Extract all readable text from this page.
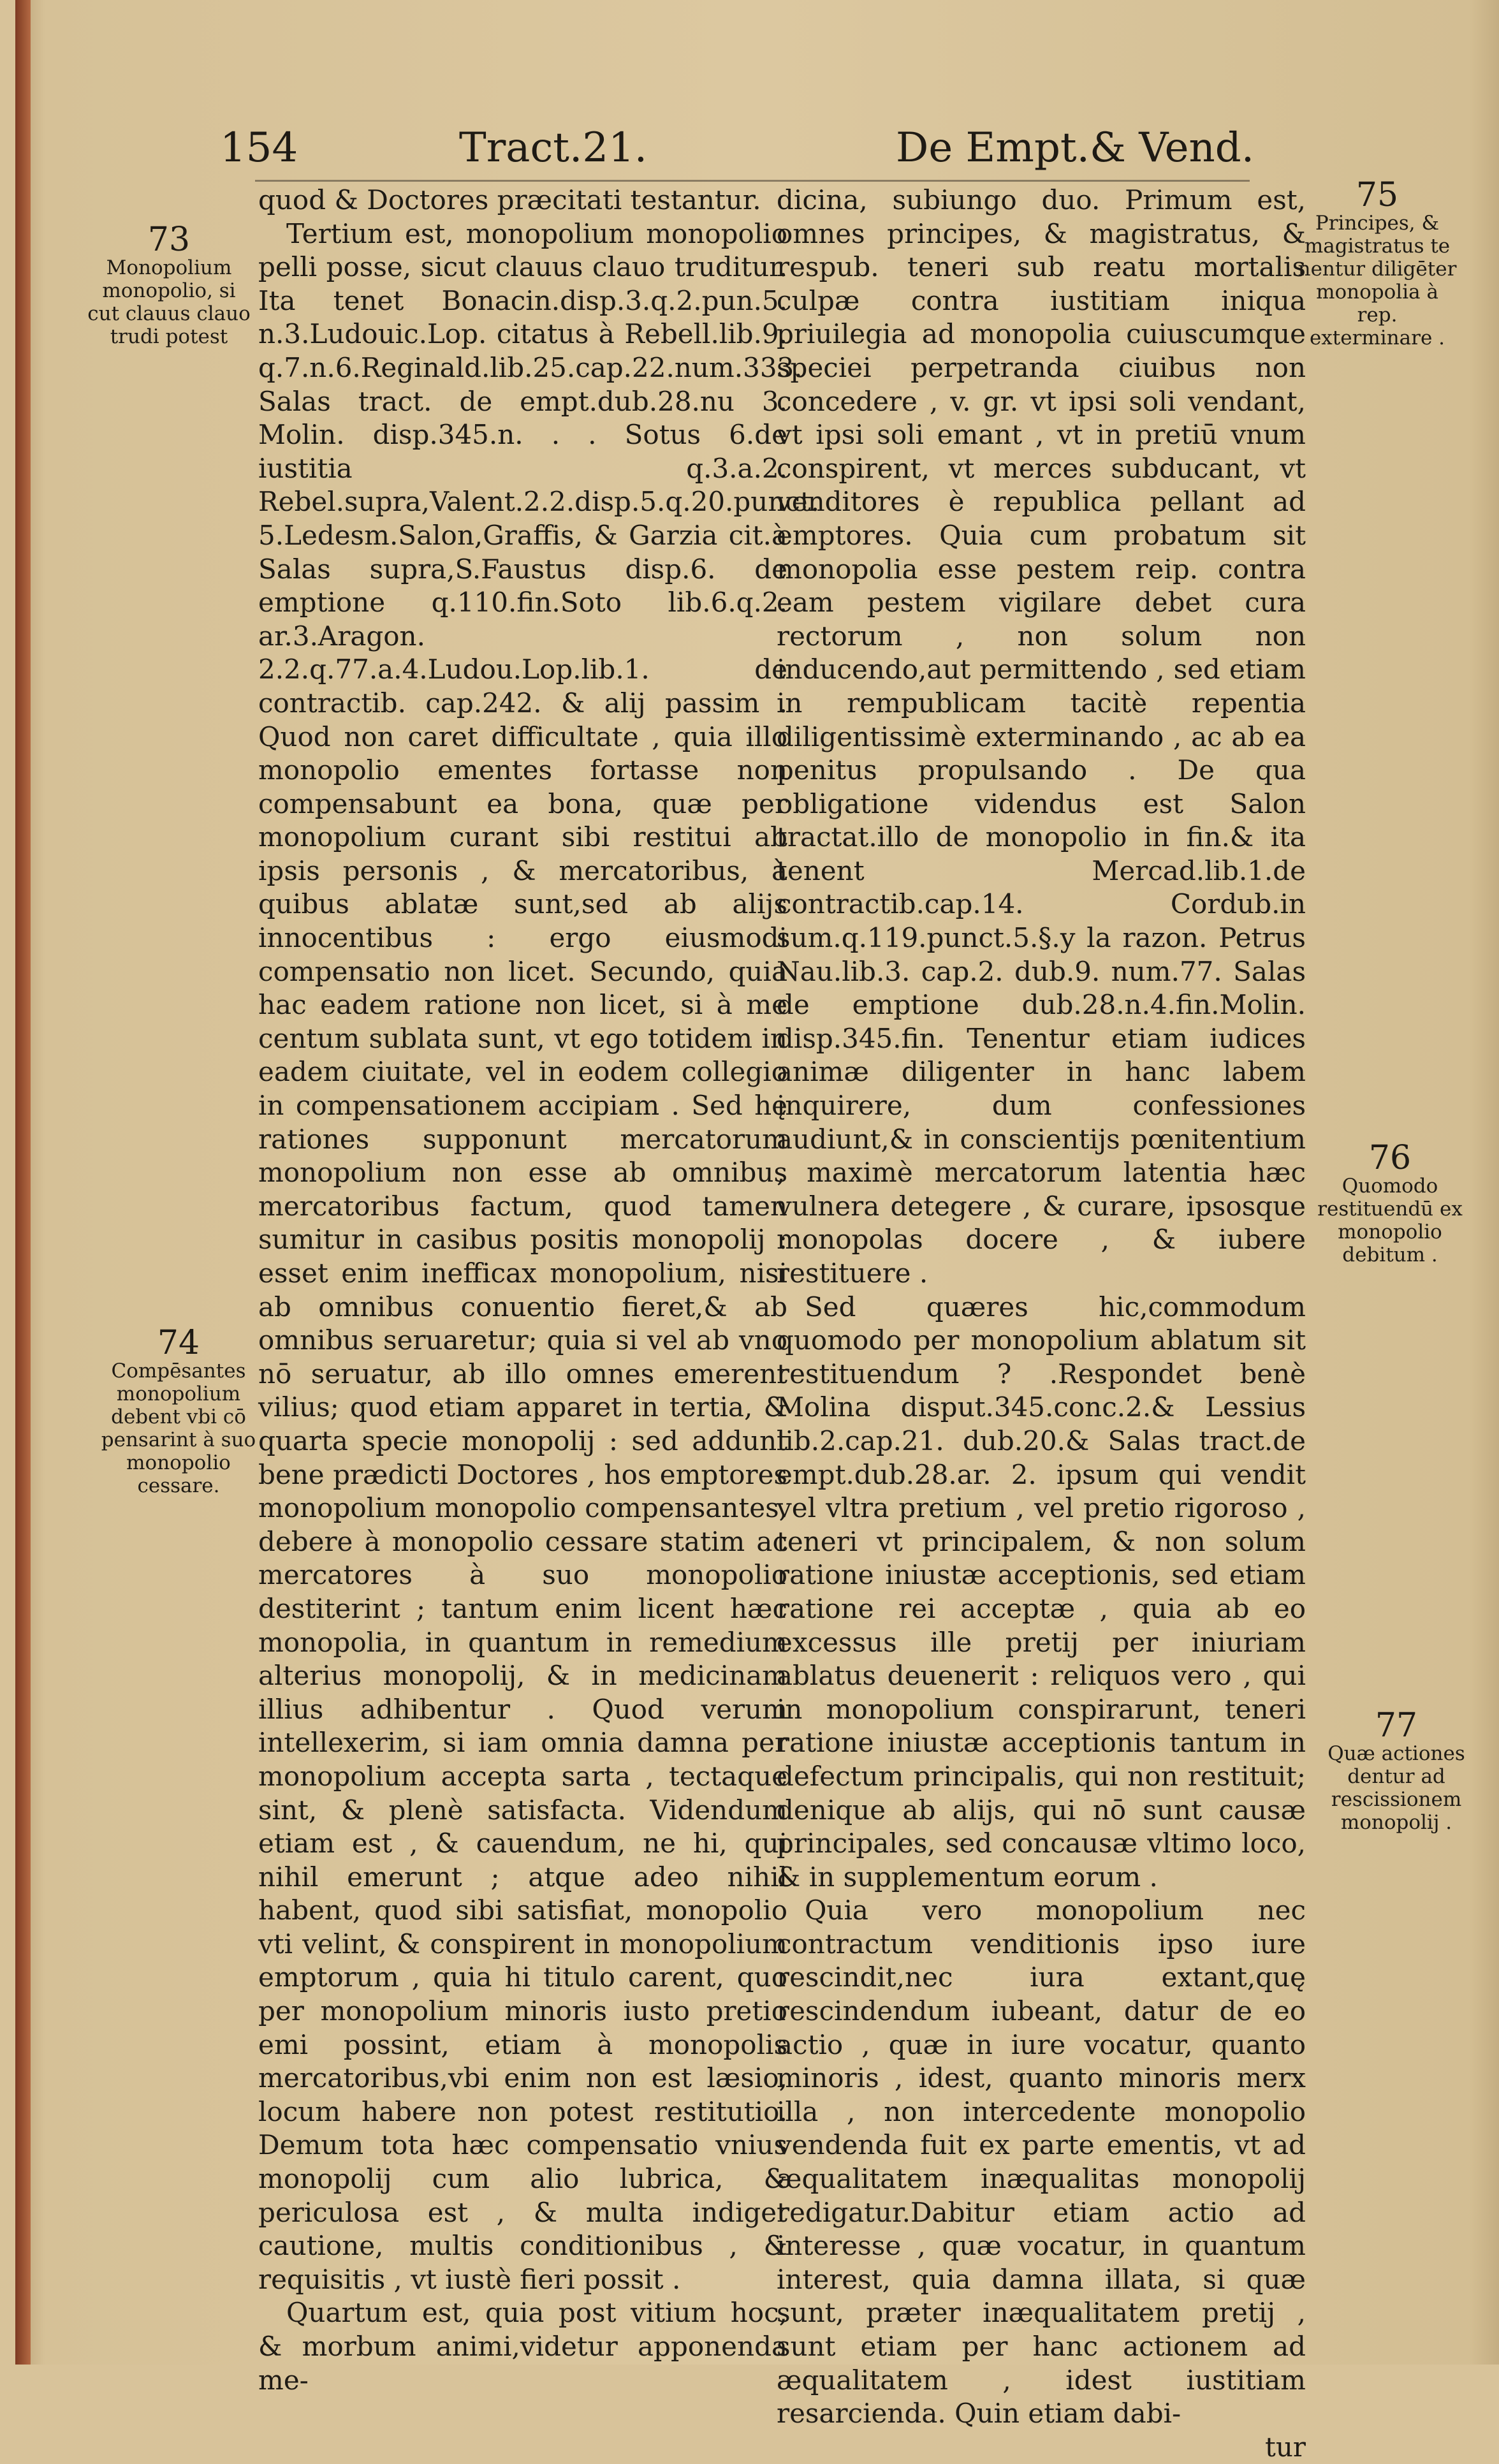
154	Tract.21.	De Empt.& Vend.

quod & Doctores præcitati testantur.

Tertium est, monopolium monopolio pelli posse, sicut clauus clauo truditur. Ita tenet Bonacin.disp.3.q.2.pun.5. n.3.Ludouic.Lop. citatus à Rebell.lib.9. q.7.n.6.Reginald.lib.25.cap.22.num.333. Salas tract. de empt.dub.28.nu 3. Molin. disp.345.n. . . Sotus 6.de iustitia q.3.a.2. Rebel.supra,Valent.2.2.disp.5.q.20.punct. 5.Ledesm.Salon,Graffis, & Garzia cit.à Salas supra,S.Faustus disp.6. de emptione q.110.fin.Soto lib.6.q.2. ar.3.Aragon. 2.2.q.77.a.4.Ludou.Lop.lib.1. de contractib. cap.242. & alij passim . Quod non caret difficultate , quia illo monopolio ementes fortasse non compensabunt ea bona, quæ per monopolium curant sibi restitui ab ipsis personis , & mercatoribus, à quibus ablatæ sunt,sed ab alijs innocentibus : ergo eiusmodi compensatio non licet. Secundo, quia hac eadem ratione non licet, si à me centum sublata sunt, vt ego totidem in eadem ciuitate, vel in eodem collegio in compensationem accipiam . Sed hę rationes supponunt mercatorum monopolium non esse ab omnibus mercatoribus factum, quod tamen sumitur in casibus positis monopolij : esset enim inefficax monopolium, nisi ab omnibus conuentio fieret,& ab omnibus seruaretur; quia si vel ab vno nō seruatur, ab illo omnes emerent vilius; quod etiam apparet in tertia, & quarta specie monopolij : sed addunt bene prædicti Doctores , hos emptores monopolium monopolio compensantes, debere à monopolio cessare statim ac mercatores à suo monopolio destiterint ; tantum enim licent hæc monopolia, in quantum in remedium alterius monopolij, & in medicinam illius adhibentur . Quod verum intellexerim, si iam omnia damna per monopolium accepta sarta , tectaque sint, & plenè satisfacta. Videndum etiam est , & cauendum, ne hi, qui nihil emerunt ; atque adeo nihil habent, quod sibi satisfiat, monopolio vti velint, & conspirent in monopolium emptorum , quia hi titulo carent, quo per monopolium minoris iusto pretio emi possint, etiam à monopolis mercatoribus,vbi enim non est læsio, locum habere non potest restitutio. Demum tota hæc compensatio vnius monopolij cum alio lubrica, & periculosa est , & multa indiget cautione, multis conditionibus , & requisitis , vt iustè fieri possit .

Quartum est, quia post vitium hoc, & morbum animi,videtur apponenda me-

dicina, subiungo duo. Primum est, omnes principes, & magistratus, & respub. teneri sub reatu mortalis culpæ contra iustitiam iniqua priuilegia ad monopolia cuiuscumque speciei perpetranda ciuibus non concedere , v. gr. vt ipsi soli vendant, vt ipsi soli emant , vt in pretiū vnum conspirent, vt merces subducant, vt venditores è republica pellant ad emptores. Quia cum probatum sit monopolia esse pestem reip. contra eam pestem vigilare debet cura rectorum , non solum non inducendo,aut permittendo , sed etiam in rempublicam tacitè repentia diligentissimè exterminando , ac ab ea penitus propulsando . De qua obligatione videndus est Salon tractat.illo de monopolio in fin.& ita tenent Mercad.lib.1.de contractib.cap.14. Cordub.in sum.q.119.punct.5.§.y la razon. Petrus Nau.lib.3. cap.2. dub.9. num.77. Salas de emptione dub.28.n.4.fin.Molin. disp.345.fin. Tenentur etiam iudices animæ diligenter in hanc labem inquirere, dum confessiones audiunt,& in conscientijs pœnitentium , maximè mercatorum latentia hæc vulnera detegere , & curare, ipsosque monopolas docere , & iubere restituere .

Sed quæres hic,commodum quomodo per monopolium ablatum sit restituendum ? .Respondet benè Molina disput.345.conc.2.& Lessius lib.2.cap.21. dub.20.& Salas tract.de empt.dub.28.ar. 2. ipsum qui vendit vel vltra pretium , vel pretio rigoroso , teneri vt principalem, & non solum ratione iniustæ acceptionis, sed etiam ratione rei acceptæ , quia ab eo excessus ille pretij per iniuriam ablatus deuenerit : reliquos vero , qui in monopolium conspirarunt, teneri ratione iniustæ acceptionis tantum in defectum principalis, qui non restituit; denique ab alijs, qui nō sunt causæ principales, sed concausæ vltimo loco, & in supplementum eorum .

Quia vero monopolium nec contractum venditionis ipso iure rescindit,nec iura extant,quę rescindendum iubeant, datur de eo actio , quæ in iure vocatur, quanto minoris , idest, quanto minoris merx illa , non intercedente monopolio vendenda fuit ex parte ementis, vt ad æqualitatem inæqualitas monopolij redigatur.Dabitur etiam actio ad interesse , quæ vocatur, in quantum interest, quia damna illata, si quæ sunt, præter inæqualitatem pretij , sunt etiam per hanc actionem ad æqualitatem , idest iustitiam resarcienda. Quin etiam dabi-

tur

73
Monopolium monopolio, si cut clauus clauo trudi potest
74
Compēsantes monopolium debent vbi cō pensarint à suo monopolio cessare.
75
Principes, & magistratus te nentur diligēter monopolia à rep. exterminare .
76
Quomodo restituendū ex monopolio debitum .
77
Quæ actiones dentur ad rescissionem monopolij .
